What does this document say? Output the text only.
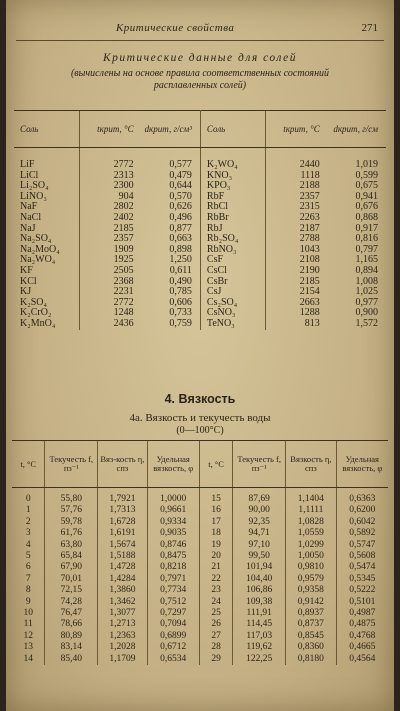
Критические свойства	271
Критические данные для солей
(вычислены на основе правила соответственных состояний
расплавленных солей)
Соль	tкрит, °C	dкрит, г/см³	Соль	tкрит, °C	dкрит, г/см
LiF	2772	0,577	K₂WO₄	2440	1,019
LiCl	2313	0,479	KNO₃	1118	0,599
Li₂SO₄	2300	0,644	KPO₃	2188	0,675
LiNO₃	904	0,570	RbF	2357	0,941
NaF	2802	0,626	RbCl	2315	0,676
NaCl	2402	0,496	RbBr	2263	0,868
NaJ	2185	0,877	RbJ	2187	0,917
Na₂SO₄	2357	0,663	Rb₂SO₄	2788	0,816
Na₂MoO₄	1909	0,898	RbNO₃	1043	0,797
Na₂WO₄	1925	1,250	CsF	2108	1,165
KF	2505	0,611	CsCl	2190	0,894
KCl	2368	0,490	CsBr	2185	1,008
KJ	2231	0,785	CsJ	2154	1,025
K₂SO₄	2772	0,606	Cs₂SO₄	2663	0,977
K₂CrO₂	1248	0,733	CsNO₃	1288	0,900
K₂MnO₄	2436	0,759	TeNO₃	813	1,572
4. Вязкость
4а. Вязкость и текучесть воды
(0—100°C)
t, °C	Текучесть f, пз⁻¹	Вяз-кость η, спз	Удельная вязкость, φ	t, °C	Текучесть f, пз⁻¹	Вязкость η, спз	Удельная вязкость, φ
0	55,80	1,7921	1,0000	15	87,69	1,1404	0,6363
1	57,76	1,7313	0,9661	16	90,00	1,1111	0,6200
2	59,78	1,6728	0,9334	17	92,35	1,0828	0,6042
3	61,76	1,6191	0,9035	18	94,71	1,0559	0,5892
4	63,80	1,5674	0,8746	19	97,10	1,0299	0,5747
5	65,84	1,5188	0,8475	20	99,50	1,0050	0,5608
6	67,90	1,4728	0,8218	21	101,94	0,9810	0,5474
7	70,01	1,4284	0,7971	22	104,40	0,9579	0,5345
8	72,15	1,3860	0,7734	23	106,86	0,9358	0,5222
9	74,28	1,3462	0,7512	24	109,38	0,9142	0,5101
10	76,47	1,3077	0,7297	25	111,91	0,8937	0,4987
11	78,66	1,2713	0,7094	26	114,45	0,8737	0,4875
12	80,89	1,2363	0,6899	27	117,03	0,8545	0,4768
13	83,14	1,2028	0,6712	28	119,62	0,8360	0,4665
14	85,40	1,1709	0,6534	29	122,25	0,8180	0,4564
